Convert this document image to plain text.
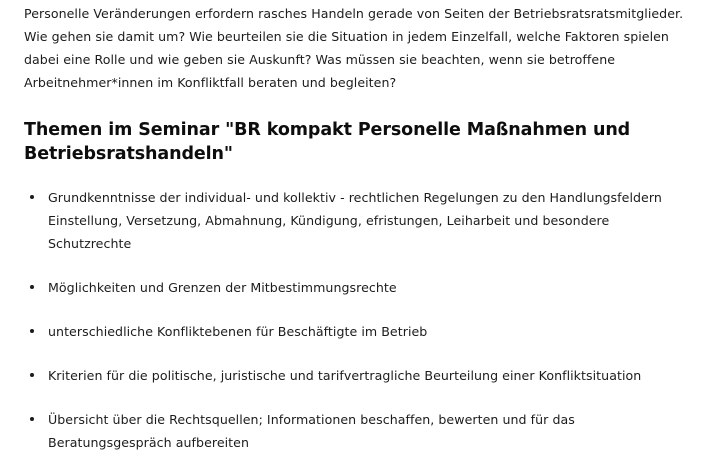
Personelle Veränderungen erfordern rasches Handeln gerade von Seiten der Betriebsratsratsmitglieder. Wie gehen sie damit um? Wie beurteilen sie die Situation in jedem Einzelfall, welche Faktoren spielen dabei eine Rolle und wie geben sie Auskunft? Was müssen sie beachten, wenn sie betroffene Arbeitnehmer*innen im Konfliktfall beraten und begleiten?

Themen im Seminar "BR kompakt Personelle Maßnahmen und Betriebsratshandeln"
Grundkenntnisse der individual- und kollektiv - rechtlichen Regelungen zu den Handlungsfeldern Einstellung, Versetzung, Abmahnung, Kündigung, efristungen, Leiharbeit und besondere Schutzrechte
Möglichkeiten und Grenzen der Mitbestimmungsrechte
unterschiedliche Konfliktebenen für Beschäftigte im Betrieb
Kriterien für die politische, juristische und tarifvertragliche Beurteilung einer Konfliktsituation
Übersicht über die Rechtsquellen; Informationen beschaffen, bewerten und für das Beratungsgespräch aufbereiten
